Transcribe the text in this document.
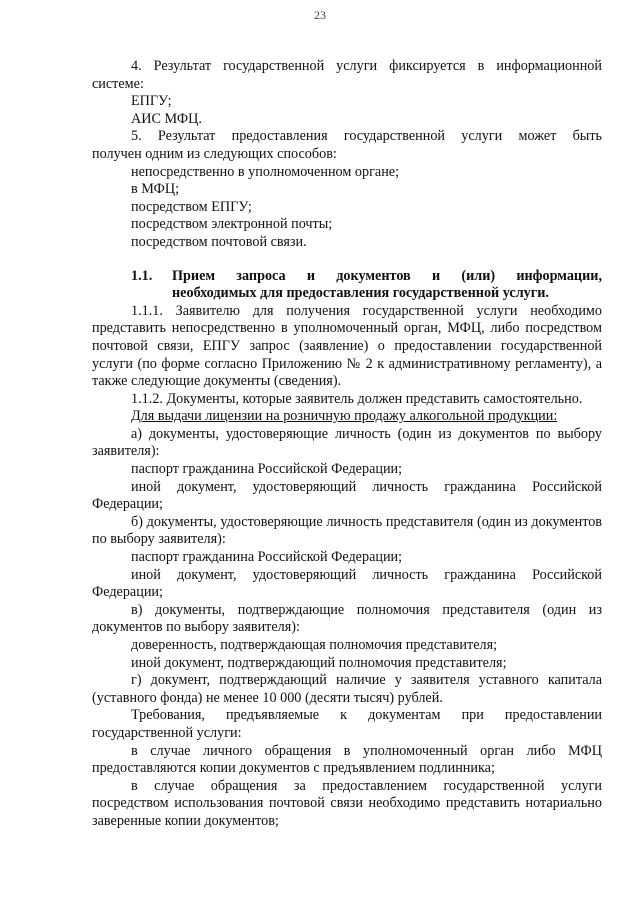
23

4. Результат государственной услуги фиксируется в информационной

системе:

ЕПГУ;

АИС МФЦ.

5. Результат предоставления государственной услуги может быть

получен одним из следующих способов:

непосредственно в уполномоченном органе;

в МФЦ;

посредством ЕПГУ;

посредством электронной почты;

посредством почтовой связи.

1.1.	Прием запроса и документов и (или) информации,
необходимых для предоставления государственной услуги.

1.1.1. Заявителю для получения государственной услуги необходимо представить непосредственно в уполномоченный орган, МФЦ, либо посредством почтовой связи, ЕПГУ запрос (заявление) о предоставлении государственной услуги (по форме согласно Приложению № 2 к административному регламенту), а также следующие документы (сведения).

1.1.2. Документы, которые заявитель должен представить самостоятельно.

Для выдачи лицензии на розничную продажу алкогольной продукции:

а) документы, удостоверяющие личность (один из документов по выбору заявителя):

паспорт гражданина Российской Федерации;

иной документ, удостоверяющий личность гражданина Российской Федерации;

б) документы, удостоверяющие личность представителя (один из документов по выбору заявителя):

паспорт гражданина Российской Федерации;

иной документ, удостоверяющий личность гражданина Российской Федерации;

в) документы, подтверждающие полномочия представителя (один из документов по выбору заявителя):

доверенность, подтверждающая полномочия представителя;

иной документ, подтверждающий полномочия представителя;

г) документ, подтверждающий наличие у заявителя уставного капитала (уставного фонда) не менее 10 000 (десяти тысяч) рублей.

Требования, предъявляемые к документам при предоставлении государственной услуги:

в случае личного обращения в уполномоченный орган либо МФЦ предоставляются копии документов с предъявлением подлинника;

в случае обращения за предоставлением государственной услуги посредством использования почтовой связи необходимо представить нотариально заверенные копии документов;
